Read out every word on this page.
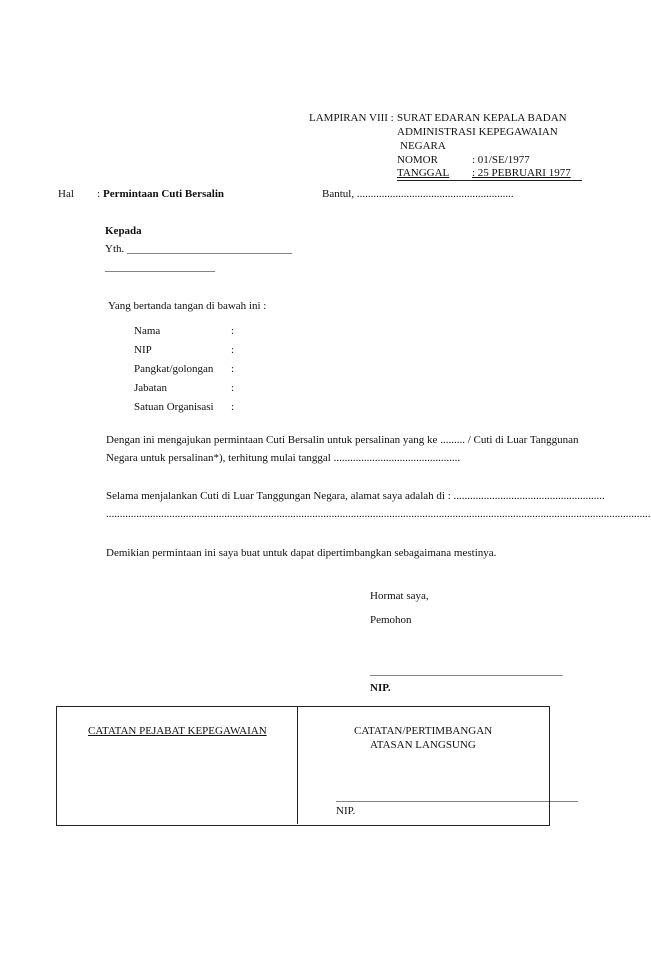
LAMPIRAN VIII : SURAT EDARAN KEPALA BADAN
ADMINISTRASI KEPEGAWAIAN
NEGARA
NOMOR	: 01/SE/1977
TANGGAL : 25 PEBRUARI 1977
Hal : Permintaan Cuti Bersalin	Bantul, .........................................................
Kepada
Yth. ______________________________
____________________
Yang bertanda tangan di bawah ini :
Nama	:
NIP	:
Pangkat/golongan :
Jabatan	:
Satuan Organisasi :
Dengan ini mengajukan permintaan Cuti Bersalin untuk persalinan yang ke ......... / Cuti di Luar Tanggunan
Negara untuk persalinan*), terhitung mulai tanggal ..............................................
Selama menjalankan Cuti di Luar Tanggungan Negara, alamat saya adalah di : .......................................................
......................................................................................................................................................................................................
Demikian permintaan ini saya buat untuk dapat dipertimbangkan sebagaimana mestinya.
Hormat saya,
Pemohon
___________________________________
NIP.
CATATAN PEJABAT KEPEGAWAIAN	CATATAN/PERTIMBANGAN
ATASAN LANGSUNG
____________________________________________
NIP.
